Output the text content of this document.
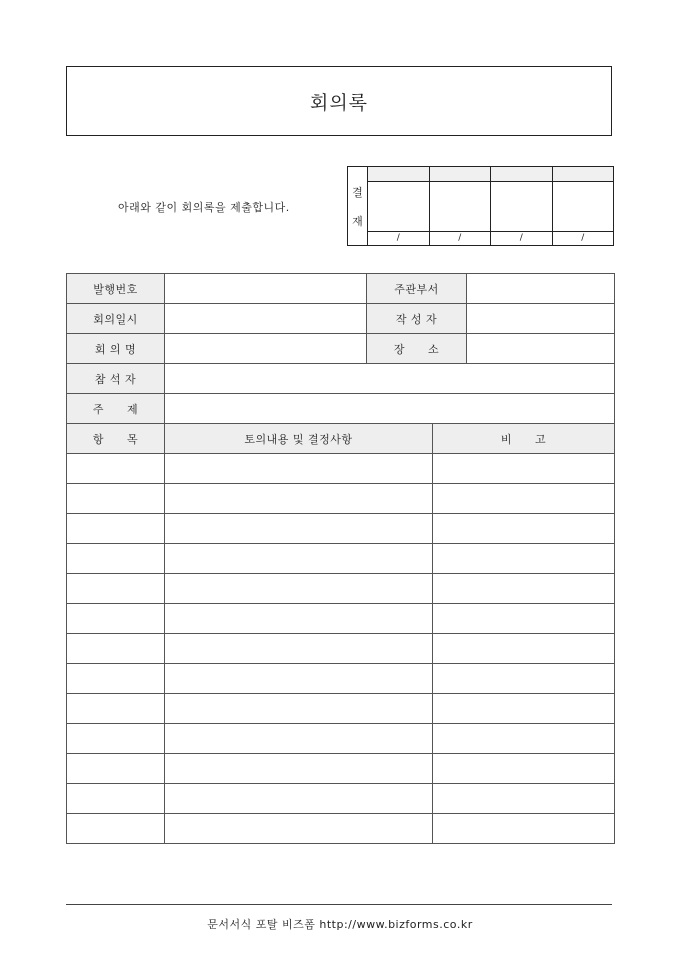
회의록
아래와 같이 회의록을 제출합니다.
결
재
/	/	/	/
발행번호		주관부서		
회의일시		작 성 자		
회 의 명		장　　소		
참 석 자				
주　　제				
항　　목	토의내용 및 결정사항		비　　고	

문서서식 포탈 비즈폼 http://www.bizforms.co.kr
